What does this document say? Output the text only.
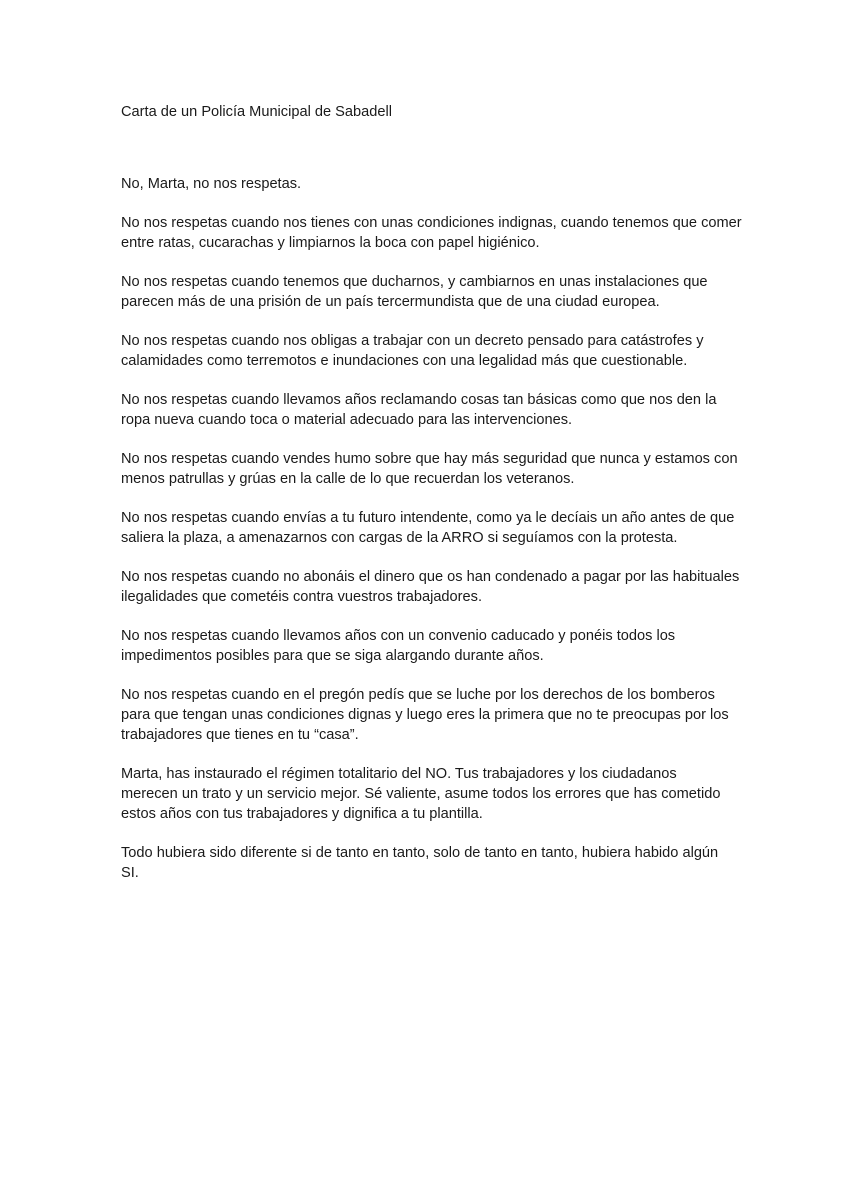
Carta de un Policía Municipal de Sabadell

No, Marta, no nos respetas.

No nos respetas cuando nos tienes con unas condiciones indignas, cuando tenemos que comer
entre ratas, cucarachas y limpiarnos la boca con papel higiénico.

No nos respetas cuando tenemos que ducharnos, y cambiarnos en unas instalaciones que
parecen más de una prisión de un país tercermundista que de una ciudad europea.

No nos respetas cuando nos obligas a trabajar con un decreto pensado para catástrofes y
calamidades como terremotos e inundaciones con una legalidad más que cuestionable.

No nos respetas cuando llevamos años reclamando cosas tan básicas como que nos den la
ropa nueva cuando toca o material adecuado para las intervenciones.

No nos respetas cuando vendes humo sobre que hay más seguridad que nunca y estamos con
menos patrullas y grúas en la calle de lo que recuerdan los veteranos.

No nos respetas cuando envías a tu futuro intendente, como ya le decíais un año antes de que
saliera la plaza, a amenazarnos con cargas de la ARRO si seguíamos con la protesta.

No nos respetas cuando no abonáis el dinero que os han condenado a pagar por las habituales
ilegalidades que cometéis contra vuestros trabajadores.

No nos respetas cuando llevamos años con un convenio caducado y ponéis todos los
impedimentos posibles para que se siga alargando durante años.

No nos respetas cuando en el pregón pedís que se luche por los derechos de los bomberos
para que tengan unas condiciones dignas y luego eres la primera que no te preocupas por los
trabajadores que tienes en tu “casa”.

Marta, has instaurado el régimen totalitario del NO. Tus trabajadores y los ciudadanos
merecen un trato y un servicio mejor. Sé valiente, asume todos los errores que has cometido
estos años con tus trabajadores y dignifica a tu plantilla.

Todo hubiera sido diferente si de tanto en tanto, solo de tanto en tanto, hubiera habido algún
SI.
